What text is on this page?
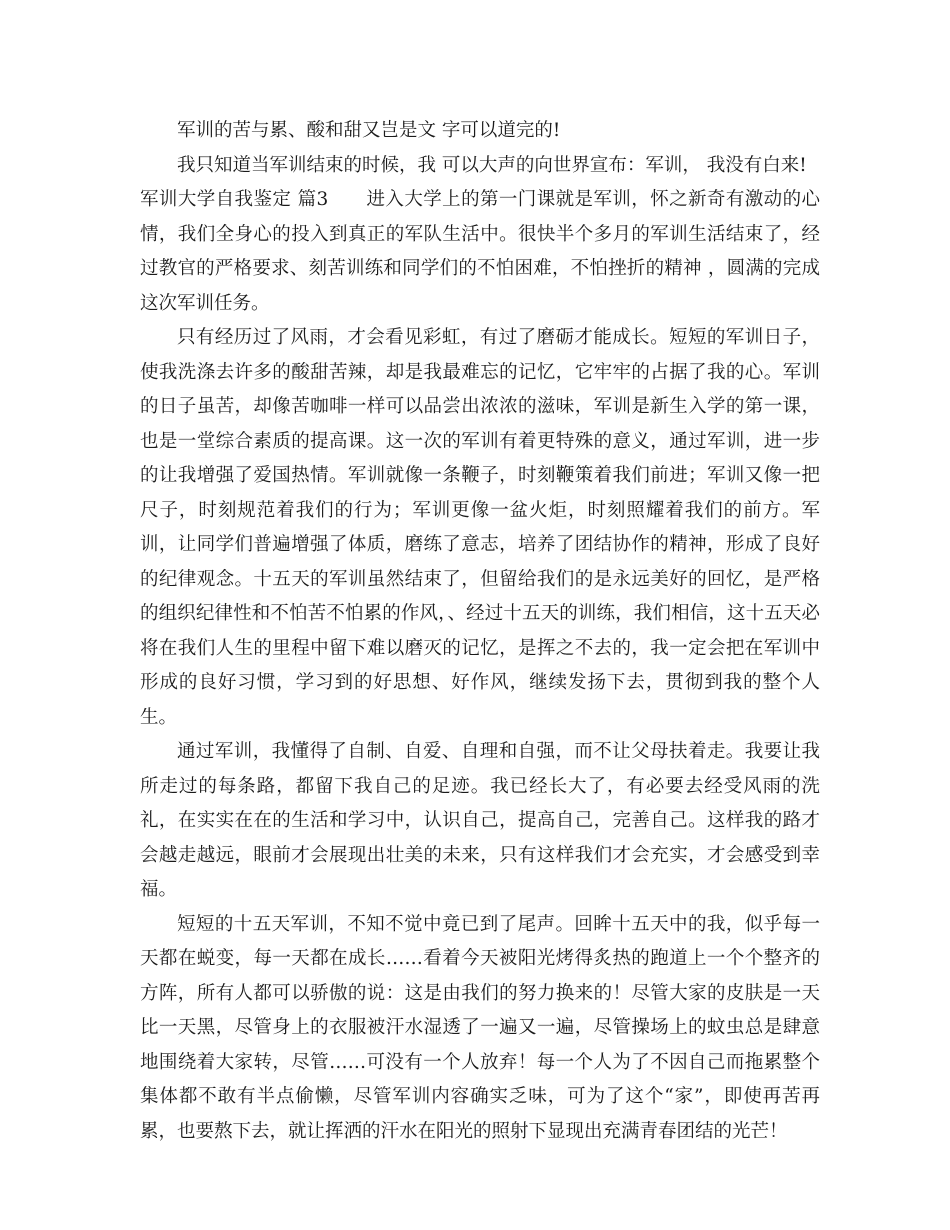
军训的苦与累、酸和甜又岂是文 字可以道完的!

我只知道当军训结束的时候，我 可以大声的向世界宣布：军训， 我没有白来!

军训大学自我鉴定 篇3　　进入大学上的第一门课就是军训，怀之新奇有激动的心情，我们全身心的投入到真正的军队生活中。很快半个多月的军训生活结束了，经过教官的严格要求、刻苦训练和同学们的不怕困难，不怕挫折的精神 ，圆满的完成这次军训任务。

只有经历过了风雨，才会看见彩虹，有过了磨砺才能成长。短短的军训日子，使我洗涤去许多的酸甜苦辣，却是我最难忘的记忆，它牢牢的占据了我的心。军训的日子虽苦，却像苦咖啡一样可以品尝出浓浓的滋味，军训是新生入学的第一课，也是一堂综合素质的提高课。这一次的军训有着更特殊的意义，通过军训，进一步的让我增强了爱国热情。军训就像一条鞭子，时刻鞭策着我们前进；军训又像一把尺子，时刻规范着我们的行为；军训更像一盆火炬，时刻照耀着我们的前方。军训，让同学们普遍增强了体质，磨练了意志，培养了团结协作的精神，形成了良好的纪律观念。十五天的军训虽然结束了，但留给我们的是永远美好的回忆，是严格的组织纪律性和不怕苦不怕累的作风，、经过十五天的训练，我们相信，这十五天必将在我们人生的里程中留下难以磨灭的记忆，是挥之不去的，我一定会把在军训中形成的良好习惯，学习到的好思想、好作风，继续发扬下去，贯彻到我的整个人生。

通过军训，我懂得了自制、自爱、自理和自强，而不让父母扶着走。我要让我所走过的每条路，都留下我自己的足迹。我已经长大了，有必要去经受风雨的洗礼，在实实在在的生活和学习中，认识自己，提高自己，完善自己。这样我的路才会越走越远，眼前才会展现出壮美的未来，只有这样我们才会充实，才会感受到幸福。

短短的十五天军训，不知不觉中竟已到了尾声。回眸十五天中的我，似乎每一天都在蜕变，每一天都在成长……看着今天被阳光烤得炙热的跑道上一个个整齐的方阵，所有人都可以骄傲的说：这是由我们的努力换来的！尽管大家的皮肤是一天比一天黑，尽管身上的衣服被汗水湿透了一遍又一遍，尽管操场上的蚊虫总是肆意地围绕着大家转，尽管……可没有一个人放弃！每一个人为了不因自己而拖累整个集体都不敢有半点偷懒，尽管军训内容确实乏味，可为了这个“家”，即使再苦再累，也要熬下去，就让挥洒的汗水在阳光的照射下显现出充满青春团结的光芒！
